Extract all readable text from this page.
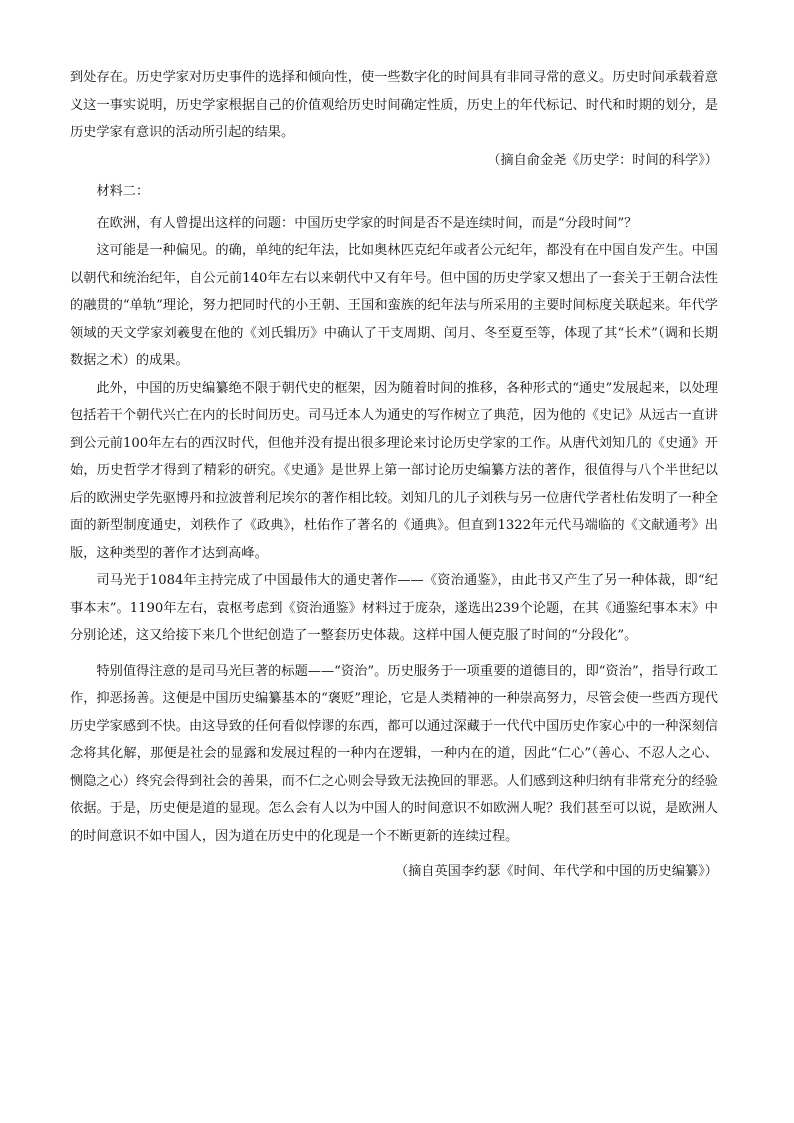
到处存在。历史学家对历史事件的选择和倾向性，使一些数字化的时间具有非同寻常的意义。历史时间承载着意义这一事实说明，历史学家根据自己的价值观给历史时间确定性质，历史上的年代标记、时代和时期的划分，是历史学家有意识的活动所引起的结果。

（摘自俞金尧《历史学：时间的科学》）

材料二：

在欧洲，有人曾提出这样的问题：中国历史学家的时间是否不是连续时间，而是“分段时间”？

这可能是一种偏见。的确，单纯的纪年法，比如奥林匹克纪年或者公元纪年，都没有在中国自发产生。中国以朝代和统治纪年，自公元前140年左右以来朝代中又有年号。但中国的历史学家又想出了一套关于王朝合法性的融贯的“单轨”理论，努力把同时代的小王朝、王国和蛮族的纪年法与所采用的主要时间标度关联起来。年代学领域的天文学家刘羲叟在他的《刘氏辑历》中确认了干支周期、闰月、冬至夏至等，体现了其“长术”（调和长期数据之术）的成果。

此外，中国的历史编纂绝不限于朝代史的框架，因为随着时间的推移，各种形式的“通史”发展起来，以处理包括若干个朝代兴亡在内的长时间历史。司马迁本人为通史的写作树立了典范，因为他的《史记》从远古一直讲到公元前100年左右的西汉时代，但他并没有提出很多理论来讨论历史学家的工作。从唐代刘知几的《史通》开始，历史哲学才得到了精彩的研究。《史通》是世界上第一部讨论历史编纂方法的著作，很值得与八个半世纪以后的欧洲史学先驱博丹和拉波普利尼埃尔的著作相比较。刘知几的儿子刘秩与另一位唐代学者杜佑发明了一种全面的新型制度通史，刘秩作了《政典》，杜佑作了著名的《通典》。但直到1322年元代马端临的《文献通考》出版，这种类型的著作才达到高峰。

司马光于1084年主持完成了中国最伟大的通史著作——《资治通鉴》，由此书又产生了另一种体裁，即“纪事本末”。1190年左右，袁枢考虑到《资治通鉴》材料过于庞杂，遂选出239个论题，在其《通鉴纪事本末》中分别论述，这又给接下来几个世纪创造了一整套历史体裁。这样中国人便克服了时间的“分段化”。

特别值得注意的是司马光巨著的标题——“资治”。历史服务于一项重要的道德目的，即“资治”，指导行政工作，抑恶扬善。这便是中国历史编纂基本的“褒贬”理论，它是人类精神的一种崇高努力，尽管会使一些西方现代历史学家感到不快。由这导致的任何看似悖谬的东西，都可以通过深藏于一代代中国历史作家心中的一种深刻信念将其化解，那便是社会的显露和发展过程的一种内在逻辑，一种内在的道，因此“仁心”（善心、不忍人之心、恻隐之心）终究会得到社会的善果，而不仁之心则会导致无法挽回的罪恶。人们感到这种归纳有非常充分的经验依据。于是，历史便是道的显现。怎么会有人以为中国人的时间意识不如欧洲人呢？我们甚至可以说，是欧洲人的时间意识不如中国人，因为道在历史中的化现是一个不断更新的连续过程。

（摘自英国李约瑟《时间、年代学和中国的历史编纂》）
